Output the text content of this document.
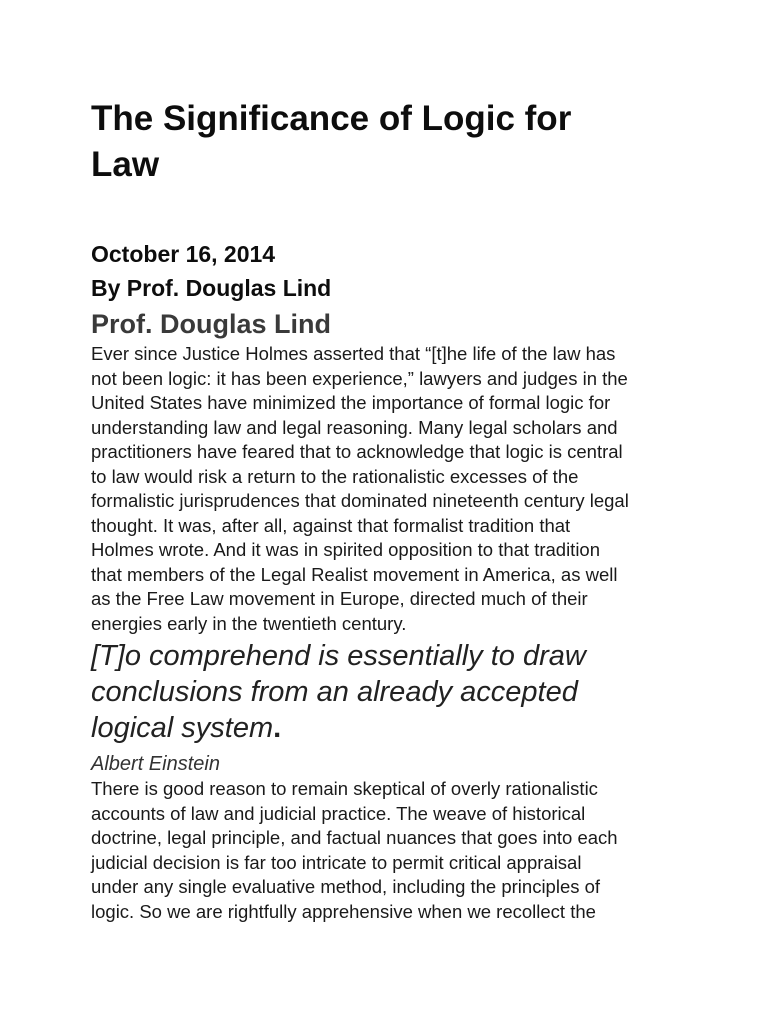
The Significance of Logic for
Law
October 16, 2014
By Prof. Douglas Lind
Prof. Douglas Lind

Ever since Justice Holmes asserted that “[t]he life of the law has
not been logic: it has been experience,” lawyers and judges in the
United States have minimized the importance of formal logic for
understanding law and legal reasoning. Many legal scholars and
practitioners have feared that to acknowledge that logic is central
to law would risk a return to the rationalistic excesses of the
formalistic jurisprudences that dominated nineteenth century legal
thought. It was, after all, against that formalist tradition that
Holmes wrote. And it was in spirited opposition to that tradition
that members of the Legal Realist movement in America, as well
as the Free Law movement in Europe, directed much of their
energies early in the twentieth century.

[T]o comprehend is essentially to draw
conclusions from an already accepted
logical system.
Albert Einstein

There is good reason to remain skeptical of overly rationalistic
accounts of law and judicial practice. The weave of historical
doctrine, legal principle, and factual nuances that goes into each
judicial decision is far too intricate to permit critical appraisal
under any single evaluative method, including the principles of
logic. So we are rightfully apprehensive when we recollect the
